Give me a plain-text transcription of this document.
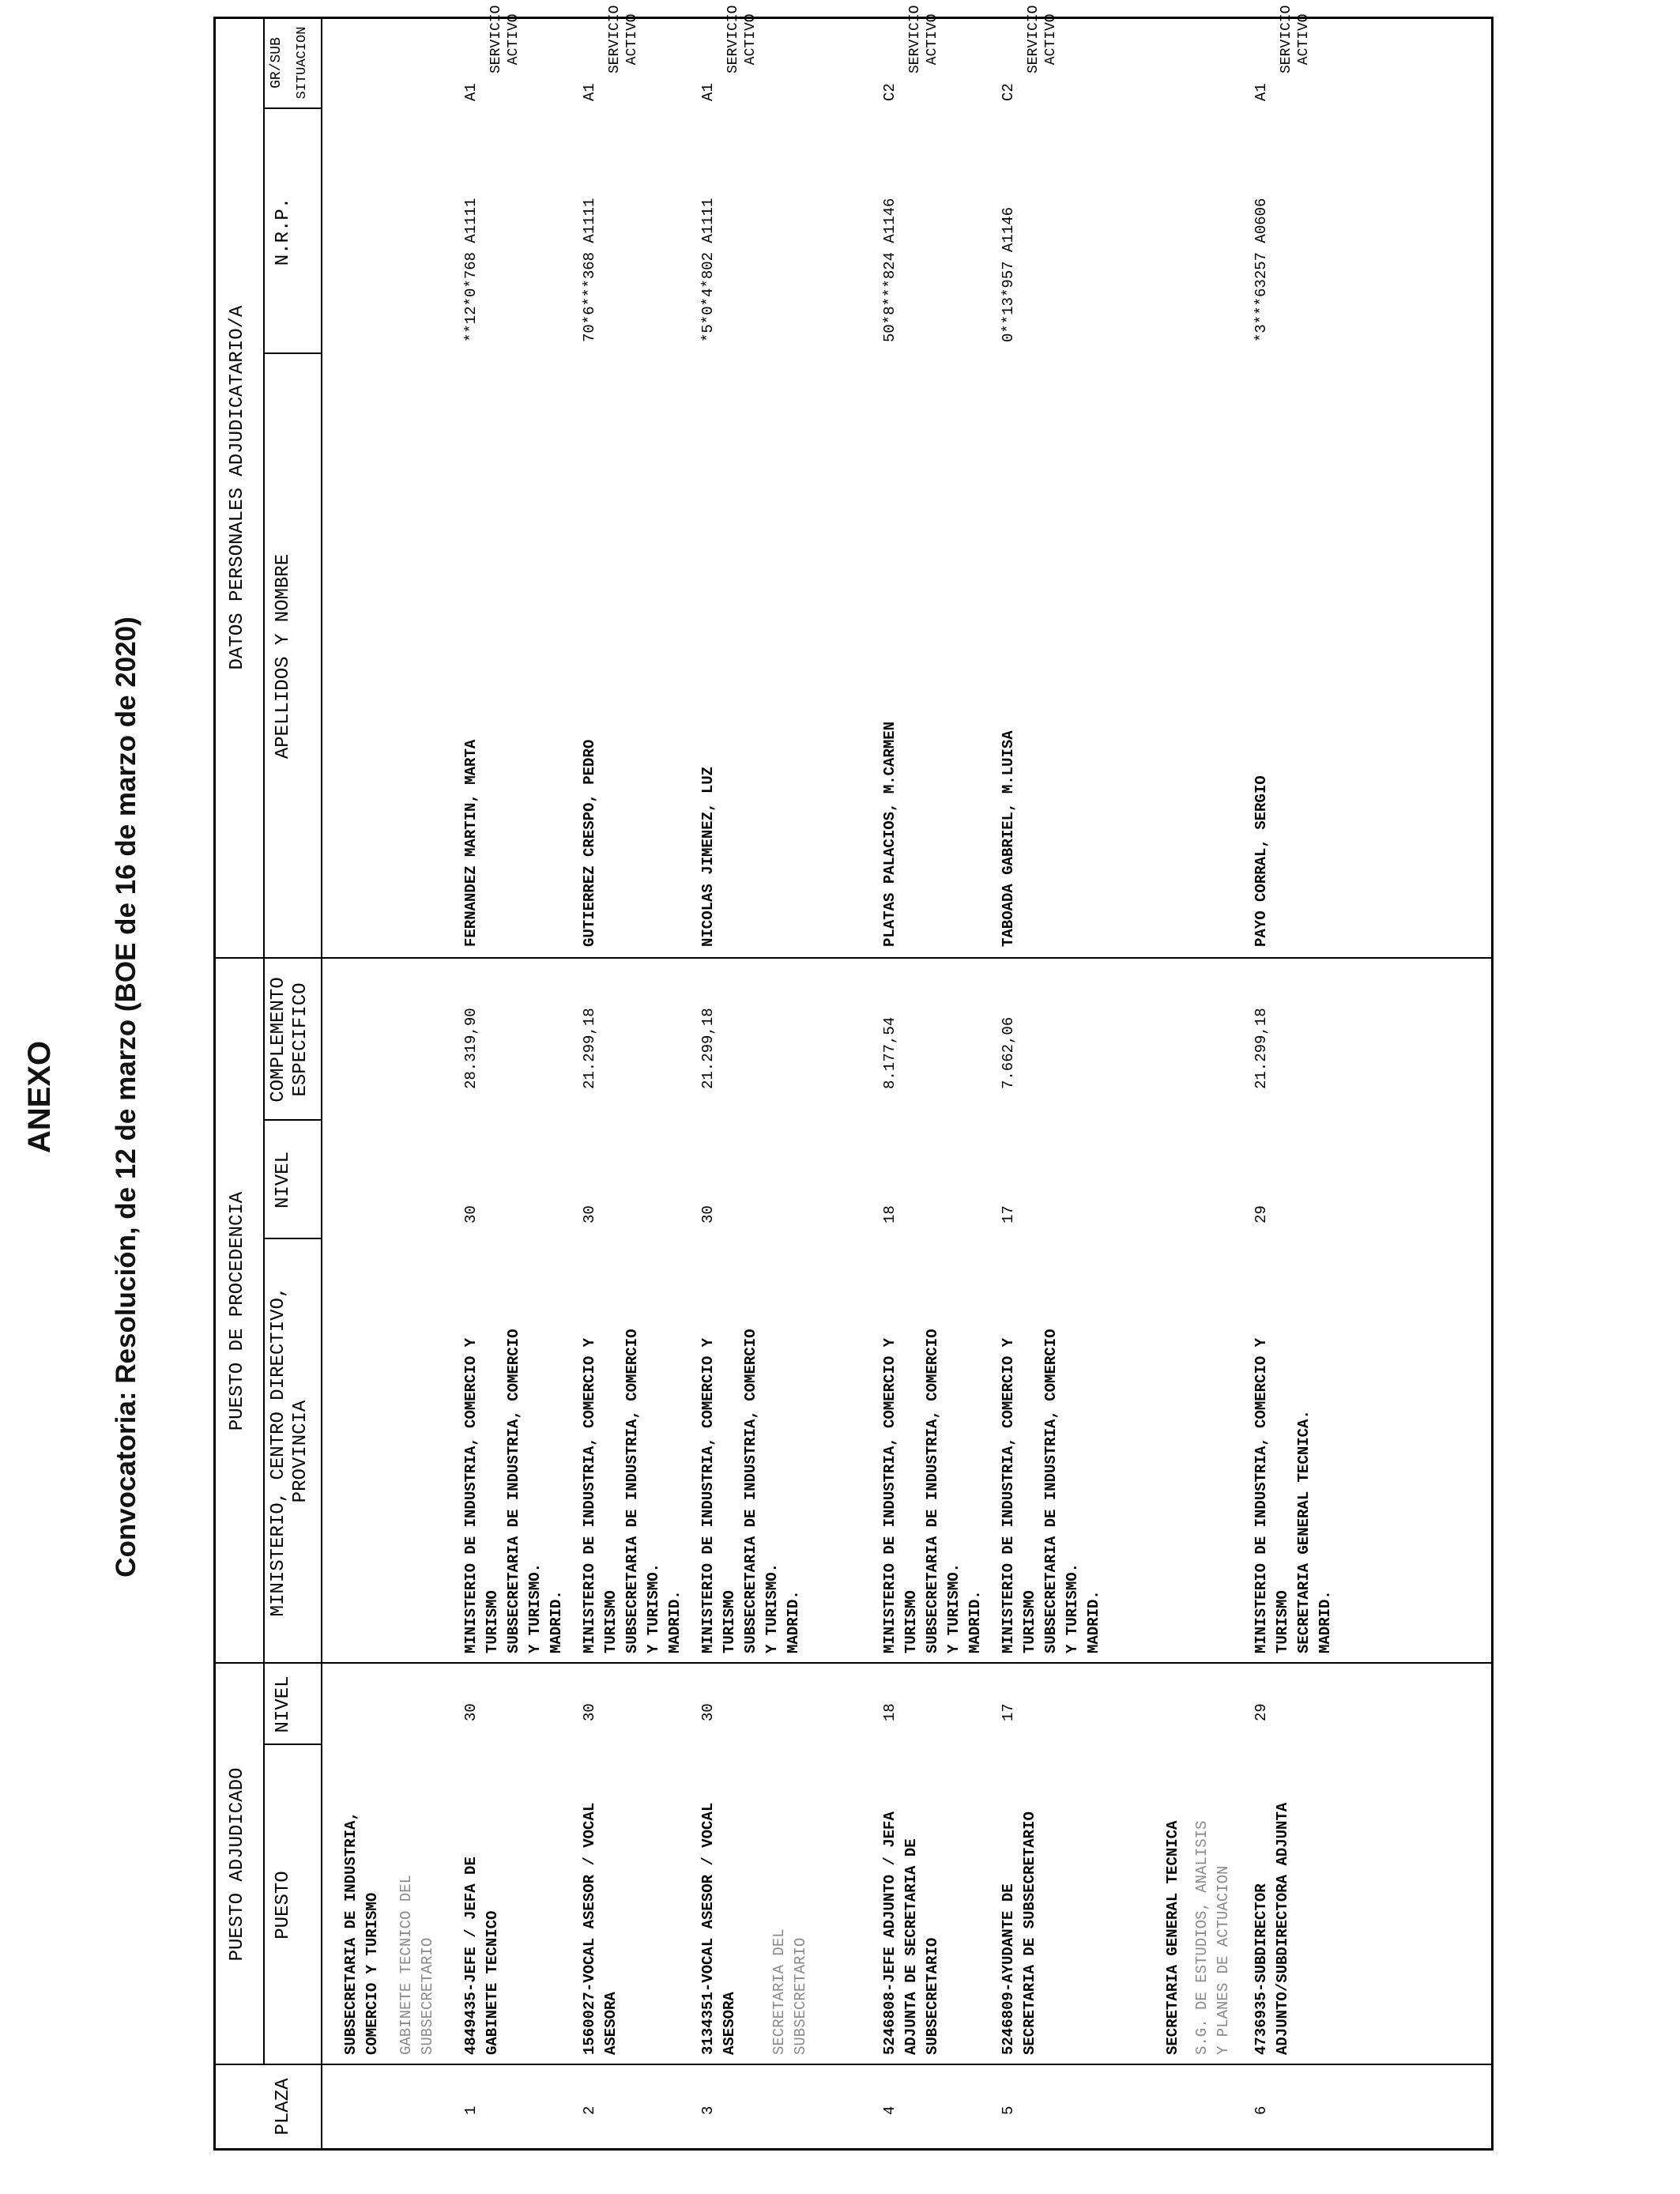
ANEXO Convocatoria: Resolución, de 12 de marzo (BOE de 16 de marzo de 2020)
PUESTO ADJUDICADO
PUESTO DE PROCEDENCIA
DATOS PERSONALES ADJUDICATARIO/A
PLAZA
PUESTO
NIVEL
MINISTERIO, CENTRO DIRECTIVO,
PROVINCIA
NIVEL
COMPLEMENTO
ESPECIFICO
APELLIDOS Y NOMBRE
N.R.P.
GR/SUB
SUBSECRETARIA DE INDUSTRIA,
COMERCIO Y TURISMO
GABINETE TECNICO DEL
SUBSECRETARIO	SECRETARIA DEL
SUBSECRETARIO	SECRETARIA GENERAL TECNICA S.G. DE ESTUDIOS, ANALISIS
Y PLANES DE ACTUACION
1
4849435-JEFE / JEFA DE
GABINETE TECNICO
30
MINISTERIO DE INDUSTRIA, COMERCIO Y
TURISMO
SUBSECRETARIA DE INDUSTRIA, COMERCIO
Y TURISMO.
MADRID.
30
28.319,90
FERNANDEZ MARTIN, MARTA
**12*0*768 A1111
A1
SERVICIO
ACTIVO
2
1560027-VOCAL ASESOR / VOCAL
ASESORA
30
MINISTERIO DE INDUSTRIA, COMERCIO Y
TURISMO
SUBSECRETARIA DE INDUSTRIA, COMERCIO
Y TURISMO.
MADRID.
30
21.299,18
GUTIERREZ CRESPO, PEDRO
70*6***368 A1111
A1
SERVICIO
ACTIVO
3
3134351-VOCAL ASESOR / VOCAL
ASESORA
30
MINISTERIO DE INDUSTRIA, COMERCIO Y
TURISMO
SUBSECRETARIA DE INDUSTRIA, COMERCIO
Y TURISMO.
MADRID.
30
21.299,18
NICOLAS JIMENEZ, LUZ
*5*0*4*802 A1111
A1
SERVICIO
ACTIVO
4
5246808-JEFE ADJUNTO / JEFA
ADJUNTA DE SECRETARIA DE
SUBSECRETARIO
18
MINISTERIO DE INDUSTRIA, COMERCIO Y
TURISMO
SUBSECRETARIA DE INDUSTRIA, COMERCIO
Y TURISMO.
MADRID.
18
8.177,54
PLATAS PALACIOS, M.CARMEN
50*8***824 A1146
C2
SERVICIO
ACTIVO
5
5246809-AYUDANTE DE
SECRETARIA DE SUBSECRETARIO
17
MINISTERIO DE INDUSTRIA, COMERCIO Y
TURISMO
SUBSECRETARIA DE INDUSTRIA, COMERCIO
Y TURISMO.
MADRID.
17
7.662,06
TABOADA GABRIEL, M.LUISA
0**13*957 A1146
C2
SERVICIO
ACTIVO
6
4736935-SUBDIRECTOR
ADJUNTO/SUBDIRECTORA ADJUNTA
29
MINISTERIO DE INDUSTRIA, COMERCIO Y
TURISMO
SECRETARIA GENERAL TECNICA.
MADRID.
29
21.299,18
PAYO CORRAL, SERGIO
*3***63257 A0606
A1
SERVICIO
ACTIVO
SITUACION
